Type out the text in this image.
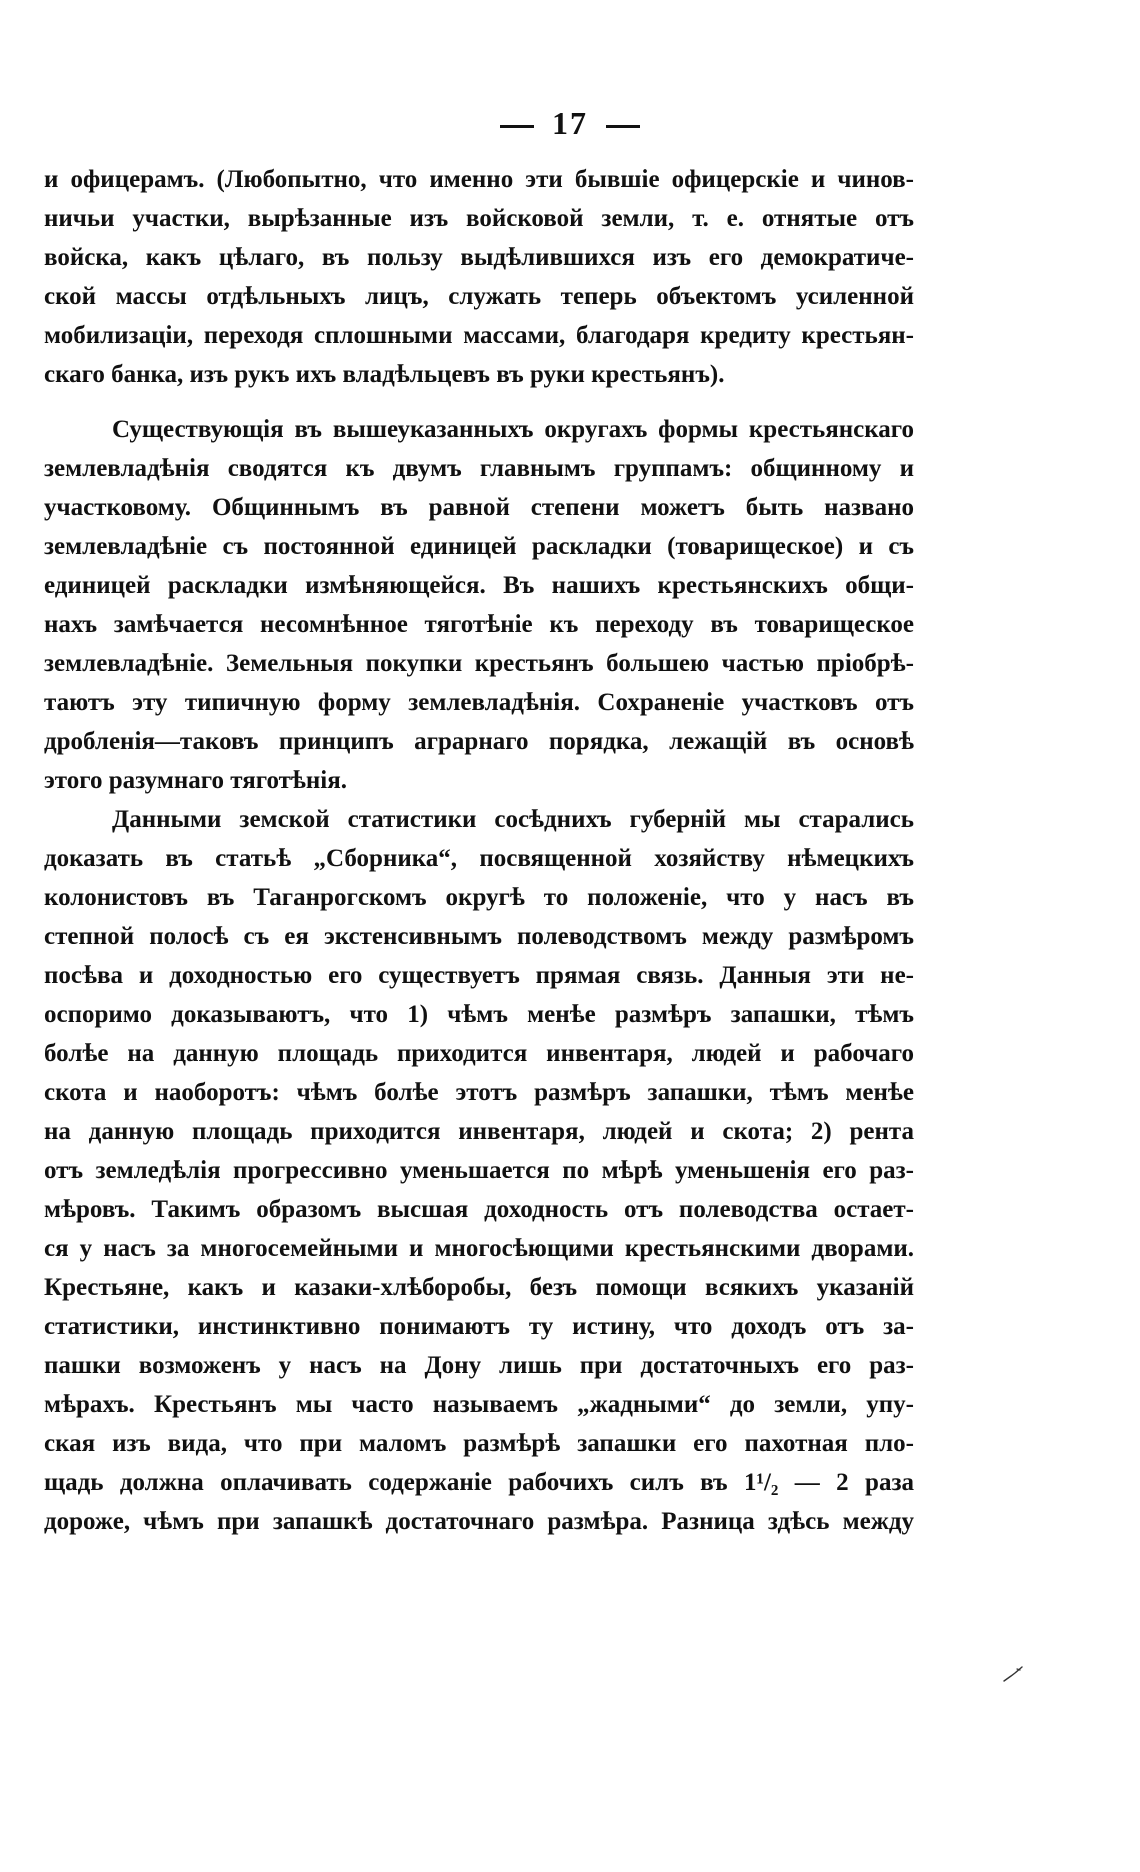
17
и офицерамъ. (Любопытно, что именно эти бывшіе офицерскіе и чинов-
ничьи участки, вырѣзанные изъ войсковой земли, т. е. отнятые отъ
войска, какъ цѣлаго, въ пользу выдѣлившихся изъ его демократиче-
ской массы отдѣльныхъ лицъ, служать теперь объектомъ усиленной
мобилизаціи, переходя сплошными массами, благодаря кредиту крестьян-
скаго банка, изъ рукъ ихъ владѣльцевъ въ руки крестьянъ).
Существующія въ вышеуказанныхъ округахъ формы крестьянскаго
землевладѣнія сводятся къ двумъ главнымъ группамъ: общинному и
участковому. Общиннымъ въ равной степени можетъ быть названо
землевладѣніе съ постоянной единицей раскладки (товарищеское) и съ
единицей раскладки измѣняющейся. Въ нашихъ крестьянскихъ общи-
нахъ замѣчается несомнѣнное тяготѣніе къ переходу въ товарищеское
землевладѣніе. Земельныя покупки крестьянъ большею частью пріобрѣ-
таютъ эту типичную форму землевладѣнія. Сохраненіе участковъ отъ
дробленія—таковъ принципъ аграрнаго порядка, лежащій въ основѣ
этого разумнаго тяготѣнія.
Данными земской статистики сосѣднихъ губерній мы старались
доказать въ статьѣ „Сборника“, посвященной хозяйству нѣмецкихъ
колонистовъ въ Таганрогскомъ округѣ то положеніе, что у насъ въ
степной полосѣ съ ея экстенсивнымъ полеводствомъ между размѣромъ
посѣва и доходностью его существуетъ прямая связь. Данныя эти не-
оспоримо доказываютъ, что 1) чѣмъ менѣе размѣръ запашки, тѣмъ
болѣе на данную площадь приходится инвентаря, людей и рабочаго
скота и наоборотъ: чѣмъ болѣе этотъ размѣръ запашки, тѣмъ менѣе
на данную площадь приходится инвентаря, людей и скота; 2) рента
отъ земледѣлія прогрессивно уменьшается по мѣрѣ уменьшенія его раз-
мѣровъ. Такимъ образомъ высшая доходность отъ полеводства остает-
ся у насъ за многосемейными и многосѣющими крестьянскими дворами.
Крестьяне, какъ и казаки-хлѣборобы, безъ помощи всякихъ указаній
статистики, инстинктивно понимаютъ ту истину, что доходъ отъ за-
пашки возможенъ у насъ на Дону лишь при достаточныхъ его раз-
мѣрахъ. Крестьянъ мы часто называемъ „жадными“ до земли, упу-
ская изъ вида, что при маломъ размѣрѣ запашки его пахотная пло-
щадь должна оплачивать содержаніе рабочихъ силъ въ 1¹/₂ — 2 раза
дороже, чѣмъ при запашкѣ достаточнаго размѣра. Разница здѣсь между
